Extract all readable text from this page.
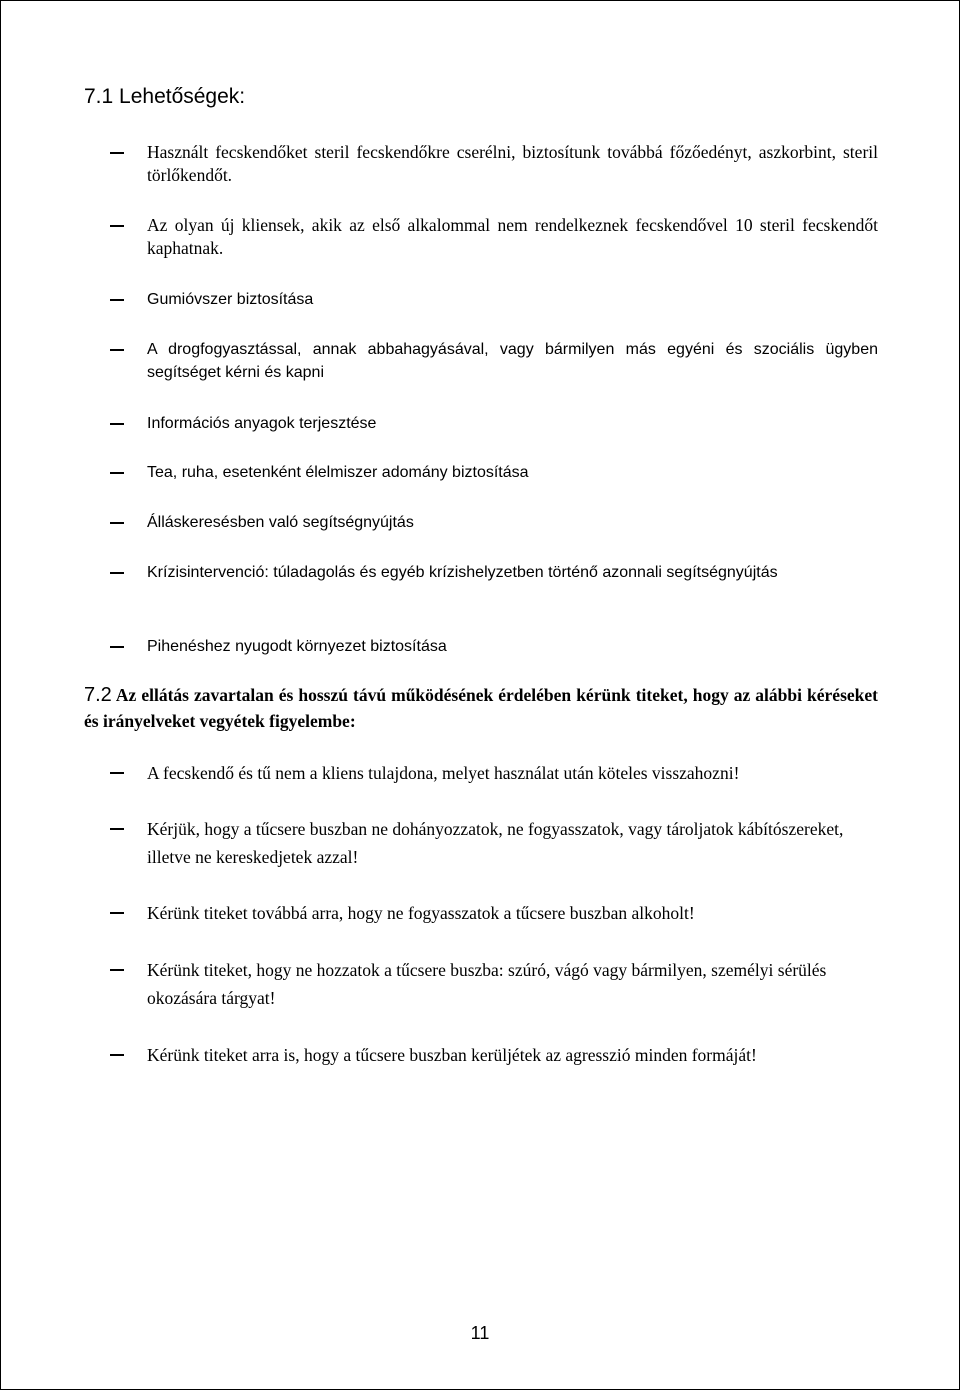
7.1 Lehetőségek:
Használt fecskendőket steril fecskendőkre cserélni, biztosítunk továbbá főzőedényt, aszkorbint, steril törlőkendőt.
Az olyan új kliensek, akik az első alkalommal nem rendelkeznek fecskendővel 10 steril fecskendőt kaphatnak.
Gumióvszer biztosítása
A drogfogyasztással, annak abbahagyásával, vagy bármilyen más egyéni és szociális ügyben segítséget kérni és kapni
Információs anyagok terjesztése
Tea, ruha, esetenként élelmiszer adomány biztosítása
Álláskeresésben való segítségnyújtás
Krízisintervenció: túladagolás és egyéb krízishelyzetben történő azonnali segítségnyújtás
Pihenéshez nyugodt környezet biztosítása
7.2 Az ellátás zavartalan és hosszú távú működésének érdelében kérünk titeket, hogy az alábbi kéréseket és irányelveket vegyétek figyelembe:
A fecskendő és tű nem a kliens tulajdona, melyet használat után köteles visszahozni!
Kérjük, hogy a tűcsere buszban ne dohányozzatok, ne fogyasszatok, vagy tároljatok kábítószereket, illetve ne kereskedjetek azzal!
Kérünk titeket továbbá arra, hogy ne fogyasszatok a tűcsere buszban alkoholt!
Kérünk titeket, hogy ne hozzatok a tűcsere buszba: szúró, vágó vagy bármilyen, személyi sérülés okozására tárgyat!
Kérünk titeket arra is, hogy a tűcsere buszban kerüljétek az agresszió minden formáját!
11
